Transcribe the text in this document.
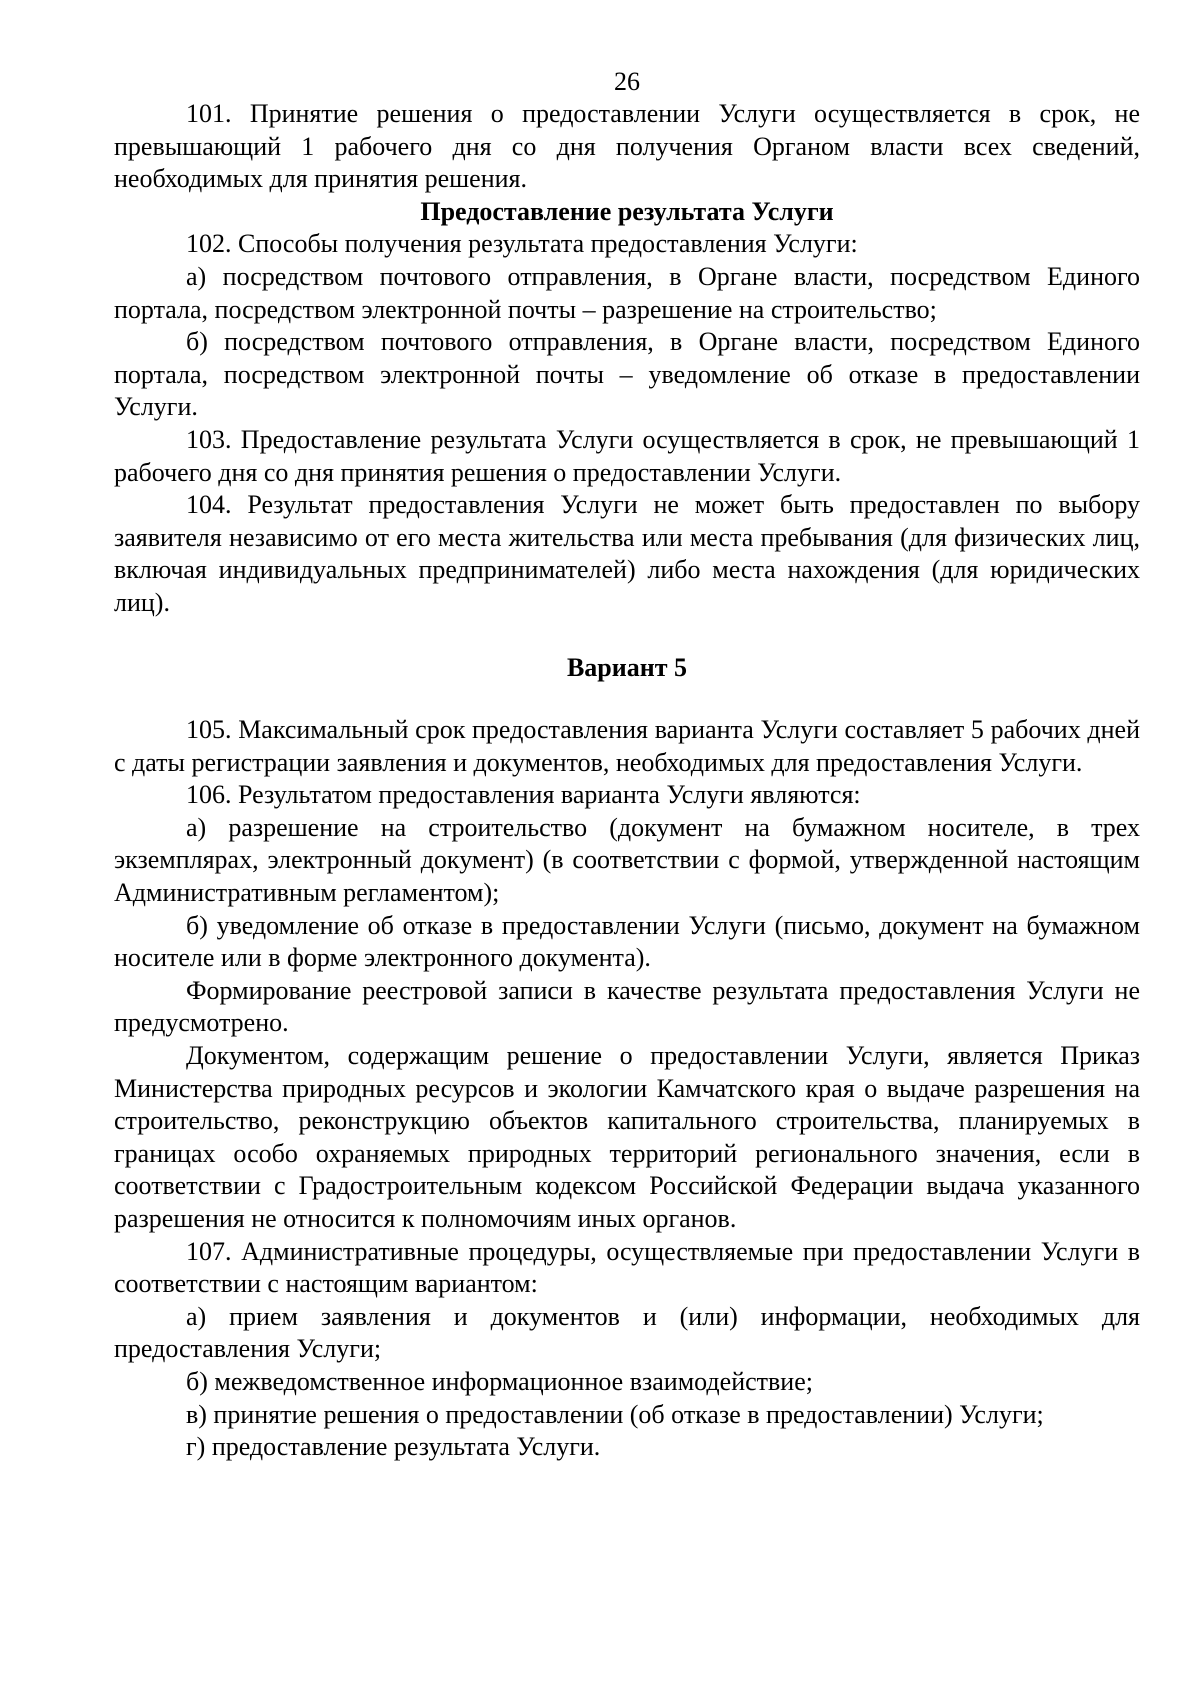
26

101. Принятие решения о предоставлении Услуги осуществляется в срок, не превышающий 1 рабочего дня со дня получения Органом власти всех сведений, необходимых для принятия решения.

Предоставление результата Услуги

102. Способы получения результата предоставления Услуги:

а) посредством почтового отправления, в Органе власти, посредством Единого портала, посредством электронной почты – разрешение на строительство;

б) посредством почтового отправления, в Органе власти, посредством Единого портала, посредством электронной почты – уведомление об отказе в предоставлении Услуги.

103. Предоставление результата Услуги осуществляется в срок, не превышающий 1 рабочего дня со дня принятия решения о предоставлении Услуги.

104. Результат предоставления Услуги не может быть предоставлен по выбору заявителя независимо от его места жительства или места пребывания (для физических лиц, включая индивидуальных предпринимателей) либо места нахождения (для юридических лиц).

Вариант 5

105. Максимальный срок предоставления варианта Услуги составляет 5 рабочих дней с даты регистрации заявления и документов, необходимых для предоставления Услуги.

106. Результатом предоставления варианта Услуги являются:

а) разрешение на строительство (документ на бумажном носителе, в трех экземплярах, электронный документ) (в соответствии с формой, утвержденной настоящим Административным регламентом);

б) уведомление об отказе в предоставлении Услуги (письмо, документ на бумажном носителе или в форме электронного документа).

Формирование реестровой записи в качестве результата предоставления Услуги не предусмотрено.

Документом, содержащим решение о предоставлении Услуги, является Приказ Министерства природных ресурсов и экологии Камчатского края о выдаче разрешения на строительство, реконструкцию объектов капитального строительства, планируемых в границах особо охраняемых природных территорий регионального значения, если в соответствии с Градостроительным кодексом Российской Федерации выдача указанного разрешения не относится к полномочиям иных органов.

107. Административные процедуры, осуществляемые при предоставлении Услуги в соответствии с настоящим вариантом:

а) прием заявления и документов и (или) информации, необходимых для предоставления Услуги;

б) межведомственное информационное взаимодействие;

в) принятие решения о предоставлении (об отказе в предоставлении) Услуги;

г) предоставление результата Услуги.
